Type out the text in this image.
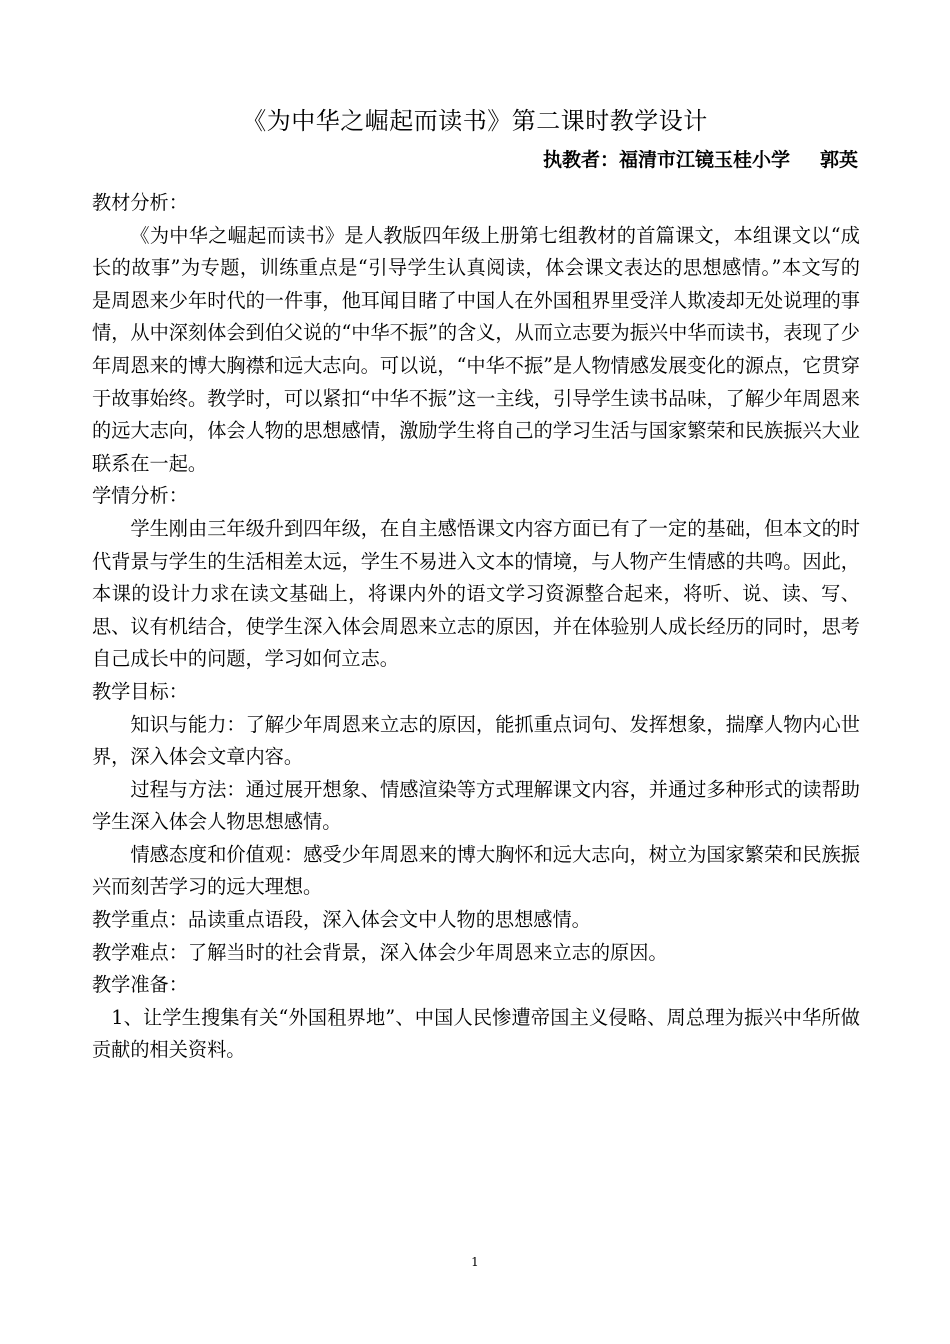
《为中华之崛起而读书》第二课时教学设计
执教者：福清市江镜玉桂小学 郭英

教材分析：

《为中华之崛起而读书》是人教版四年级上册第七组教材的首篇课文，本组课文以“成长的故事”为专题，训练重点是“引导学生认真阅读，体会课文表达的思想感情。”本文写的是周恩来少年时代的一件事，他耳闻目睹了中国人在外国租界里受洋人欺凌却无处说理的事情，从中深刻体会到伯父说的“中华不振”的含义，从而立志要为振兴中华而读书，表现了少年周恩来的博大胸襟和远大志向。可以说，“中华不振”是人物情感发展变化的源点，它贯穿于故事始终。教学时，可以紧扣“中华不振”这一主线，引导学生读书品味，了解少年周恩来的远大志向，体会人物的思想感情，激励学生将自己的学习生活与国家繁荣和民族振兴大业联系在一起。

学情分析：

学生刚由三年级升到四年级，在自主感悟课文内容方面已有了一定的基础，但本文的时代背景与学生的生活相差太远，学生不易进入文本的情境，与人物产生情感的共鸣。因此，本课的设计力求在读文基础上，将课内外的语文学习资源整合起来，将听、说、读、写、思、议有机结合，使学生深入体会周恩来立志的原因，并在体验别人成长经历的同时，思考自己成长中的问题，学习如何立志。

教学目标：

知识与能力：了解少年周恩来立志的原因，能抓重点词句、发挥想象，揣摩人物内心世界，深入体会文章内容。

过程与方法：通过展开想象、情感渲染等方式理解课文内容，并通过多种形式的读帮助学生深入体会人物思想感情。

情感态度和价值观：感受少年周恩来的博大胸怀和远大志向，树立为国家繁荣和民族振兴而刻苦学习的远大理想。

教学重点：品读重点语段，深入体会文中人物的思想感情。

教学难点：了解当时的社会背景，深入体会少年周恩来立志的原因。

教学准备：

1、让学生搜集有关“外国租界地”、中国人民惨遭帝国主义侵略、周总理为振兴中华所做贡献的相关资料。

1
